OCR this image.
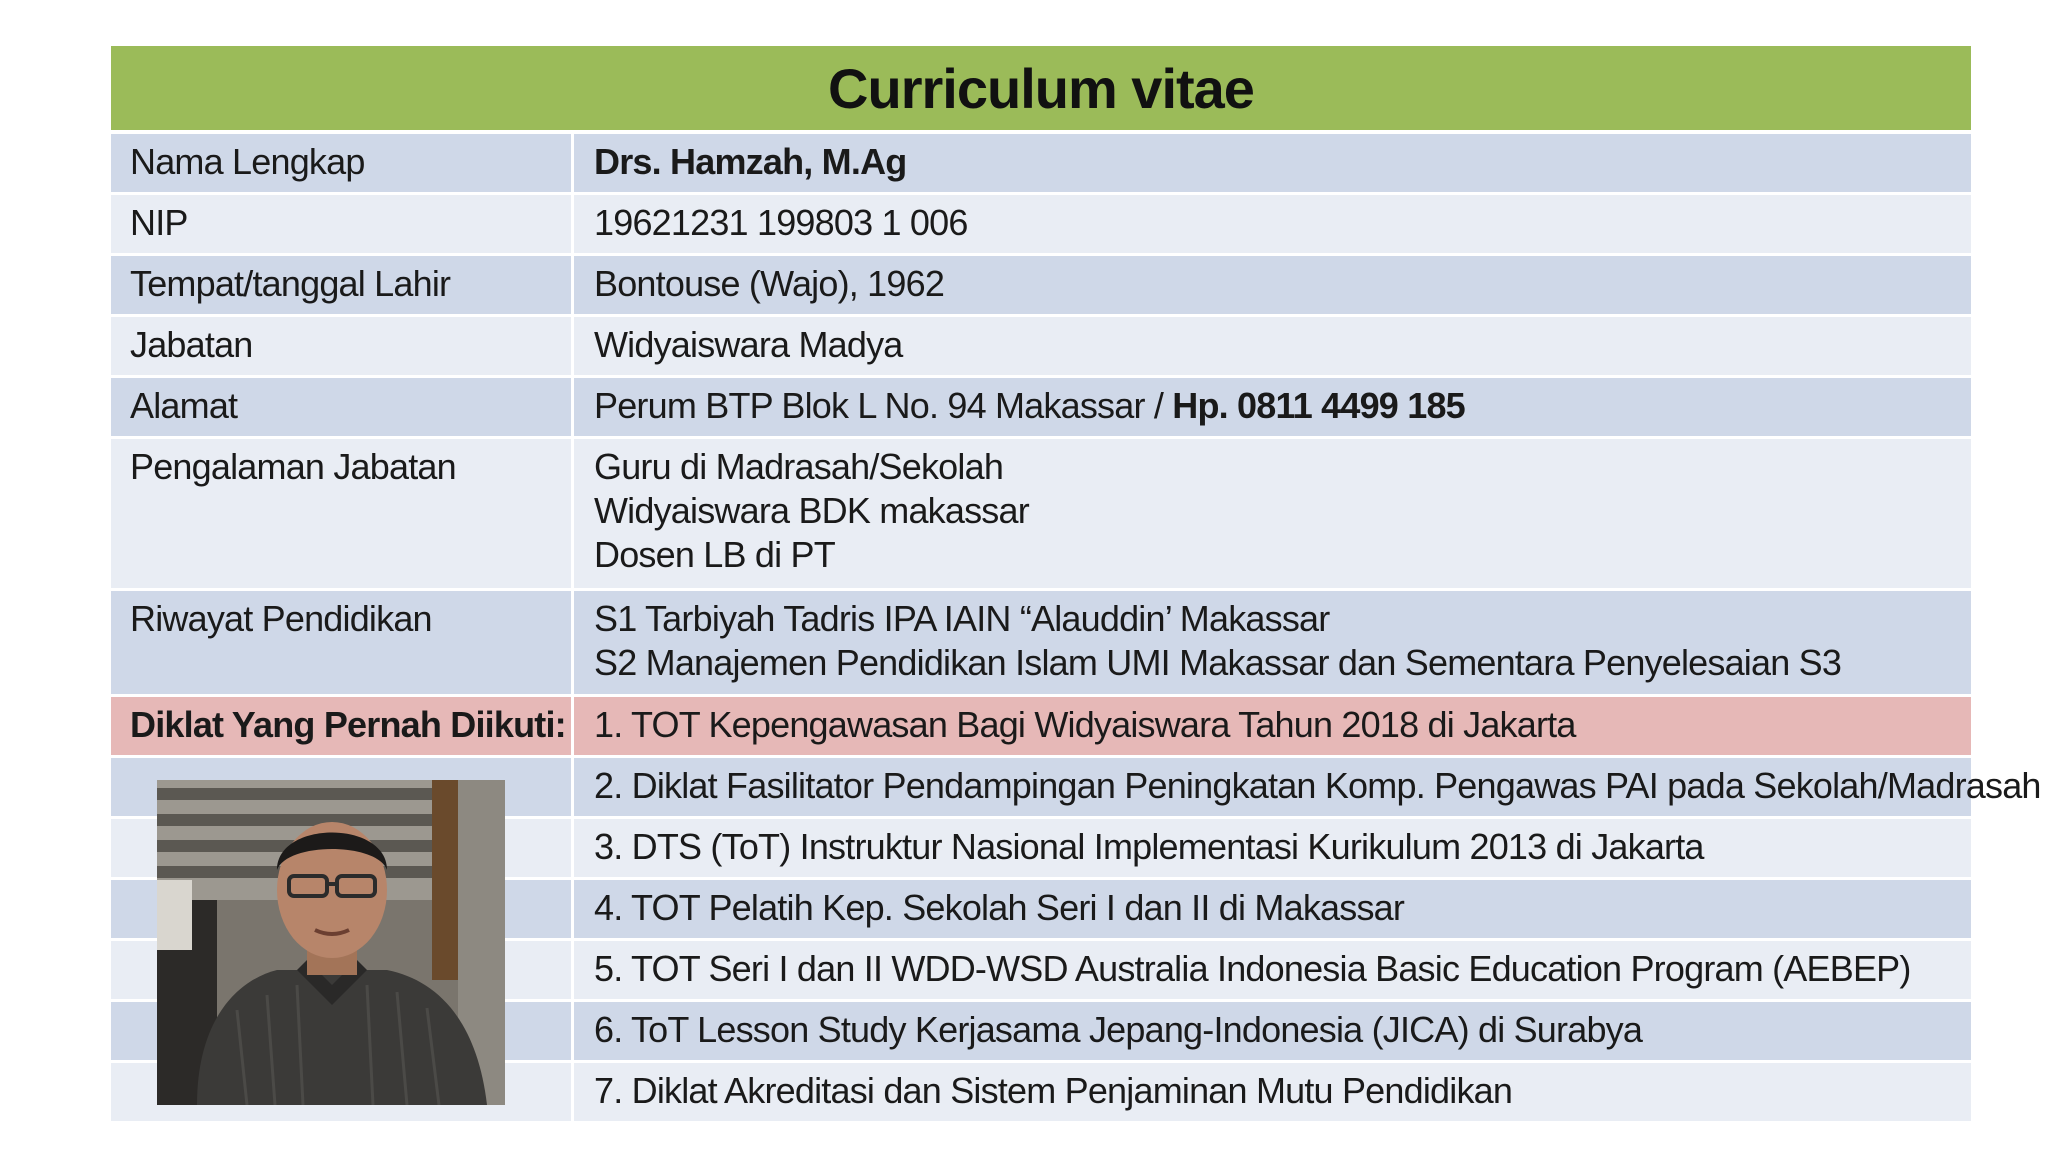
Curriculum vitae
Nama Lengkap	Drs. Hamzah, M.Ag
NIP	19621231 199803 1 006
Tempat/tanggal Lahir	Bontouse (Wajo), 1962
Jabatan	Widyaiswara Madya
Alamat	Perum BTP Blok L No. 94 Makassar / Hp. 0811 4499 185
Pengalaman Jabatan	Guru di Madrasah/Sekolah
Widyaiswara BDK makassar
Dosen LB di PT
Riwayat Pendidikan	S1 Tarbiyah Tadris IPA IAIN “Alauddin’ Makassar
S2 Manajemen Pendidikan Islam UMI Makassar dan Sementara Penyelesaian S3
Diklat Yang Pernah Diikuti: 1. TOT Kepengawasan Bagi Widyaiswara Tahun 2018 di Jakarta
2. Diklat Fasilitator Pendampingan Peningkatan Komp. Pengawas PAI pada Sekolah/Madrasah
3. DTS (ToT) Instruktur Nasional Implementasi Kurikulum 2013 di Jakarta
4. TOT Pelatih Kep. Sekolah Seri I dan II di Makassar
5. TOT Seri I dan II WDD-WSD Australia Indonesia Basic Education Program (AEBEP)
6. ToT Lesson Study Kerjasama Jepang-Indonesia (JICA) di Surabya
7. Diklat Akreditasi dan Sistem Penjaminan Mutu Pendidikan
